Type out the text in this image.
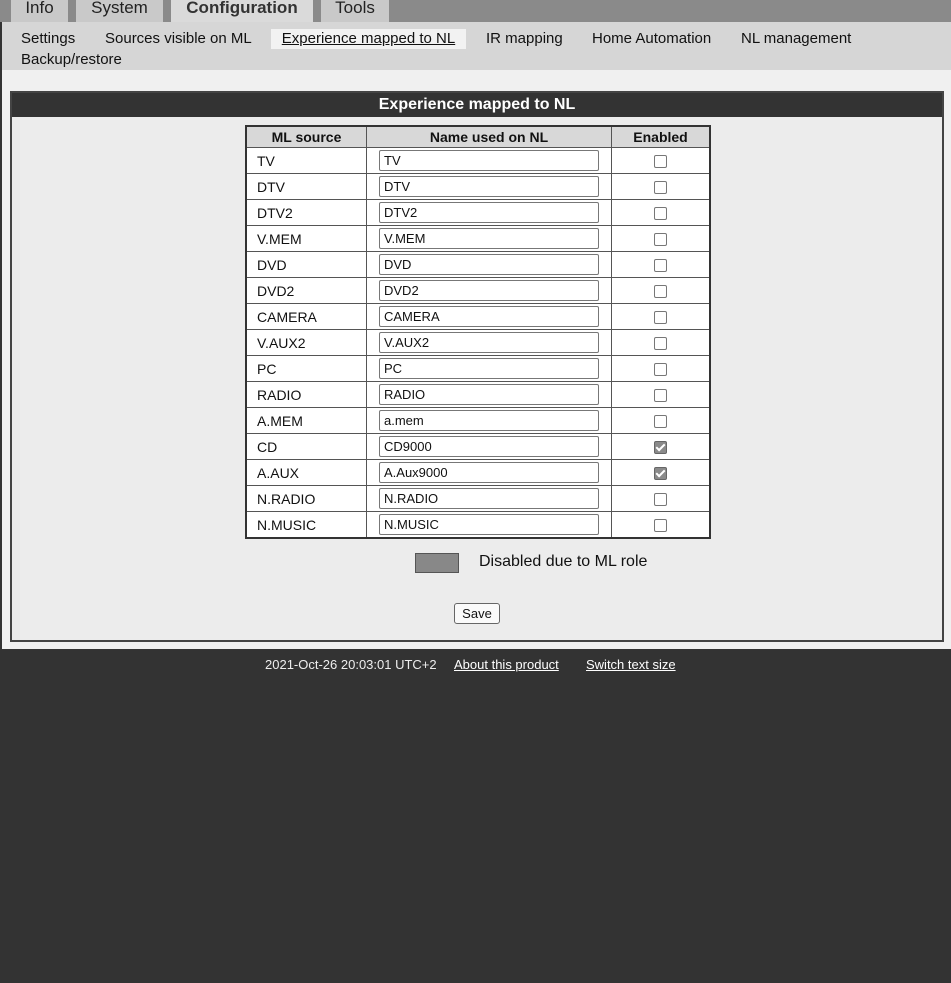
Info	System	Configuration	Tools
Settings Sources visible on ML	Experience mapped to NL	IR mapping Home Automation NL management
Backup/restore
Experience mapped to NL
ML source	Name used on NL	Enabled
TV	TV	
DTV	DTV	
DTV2	DTV2	
V.MEM	V.MEM	
DVD	DVD	
DVD2	DVD2	
CAMERA	CAMERA	
V.AUX2	V.AUX2	
PC	PC	
RADIO	RADIO	
A.MEM	a.mem	
CD	CD9000	
A.AUX	A.Aux9000	
N.RADIO	N.RADIO	
N.MUSIC	N.MUSIC	
Disabled due to ML role
Save
2021-Oct-26 20:03:01 UTC+2 About this product Switch text size
